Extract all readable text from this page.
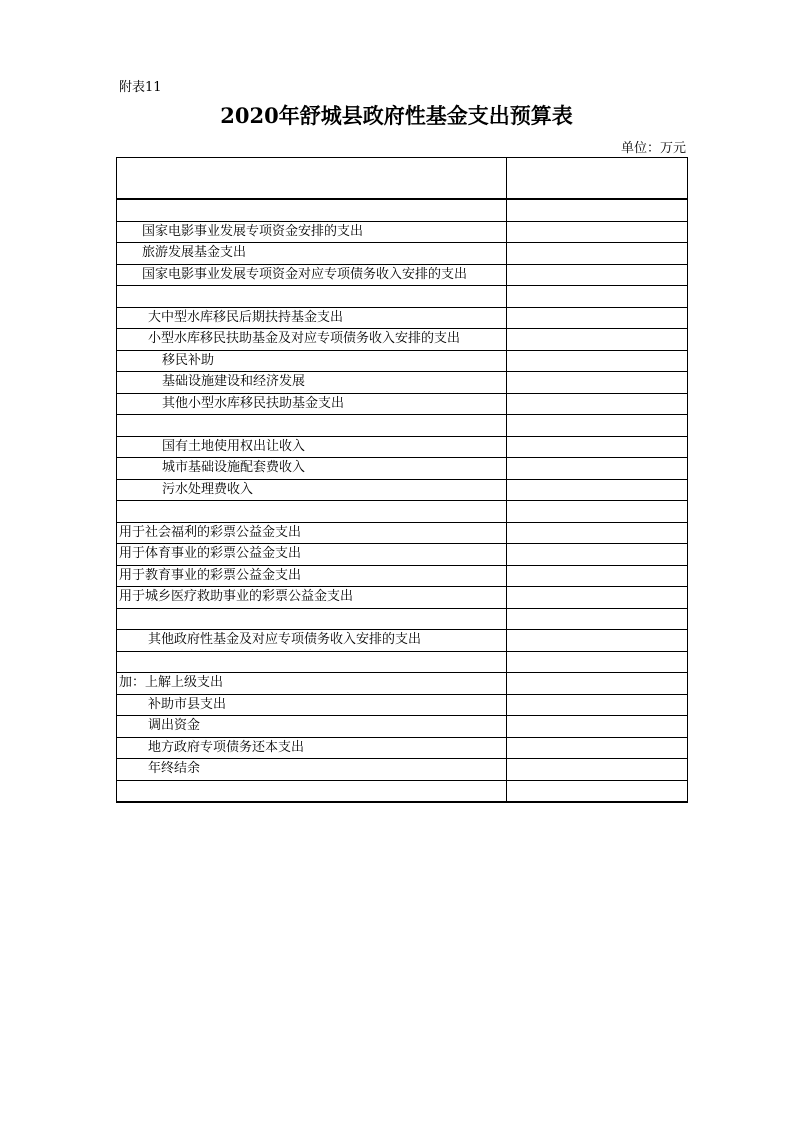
附表11
2020年舒城县政府性基金支出预算表
单位：万元

国家电影事业发展专项资金安排的支出	
旅游发展基金支出	
国家电影事业发展专项资金对应专项债务收入安排的支出	

大中型水库移民后期扶持基金支出	
小型水库移民扶助基金及对应专项债务收入安排的支出	
移民补助	
基础设施建设和经济发展	
其他小型水库移民扶助基金支出	

国有土地使用权出让收入	
城市基础设施配套费收入	
污水处理费收入	

用于社会福利的彩票公益金支出	
用于体育事业的彩票公益金支出	
用于教育事业的彩票公益金支出	
用于城乡医疗救助事业的彩票公益金支出	

其他政府性基金及对应专项债务收入安排的支出	

加：上解上级支出	
补助市县支出	
调出资金	
地方政府专项债务还本支出	
年终结余	
